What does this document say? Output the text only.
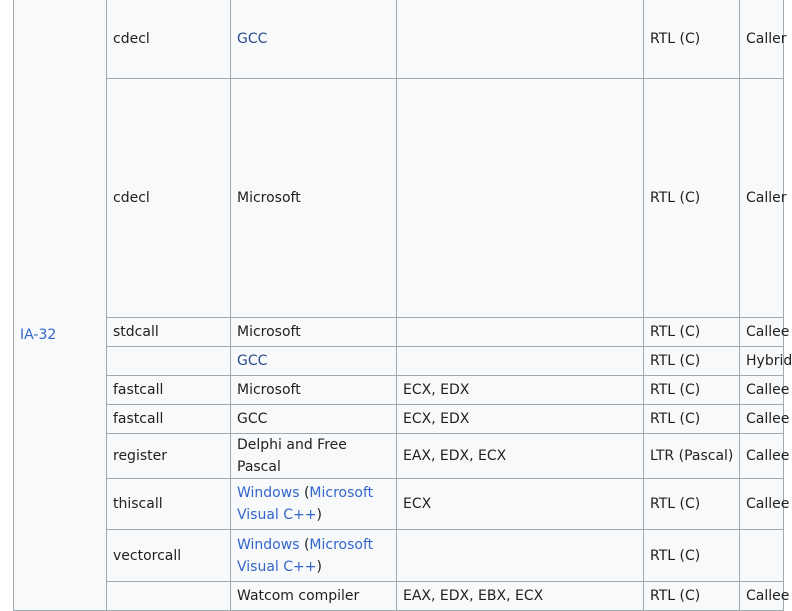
IA-32	cdecl	GCC		RTL (C)	Caller
	cdecl	Microsoft		RTL (C)	Caller
	stdcall	Microsoft		RTL (C)	Callee
		GCC		RTL (C)	Hybrid
	fastcall	Microsoft	ECX, EDX	RTL (C)	Callee
	fastcall	GCC	ECX, EDX	RTL (C)	Callee
	register	Delphi and Free Pascal	EAX, EDX, ECX	LTR (Pascal)	Callee
	thiscall	Windows (Microsoft Visual C++)	ECX	RTL (C)	Callee
	vectorcall	Windows (Microsoft Visual C++)		RTL (C)	
		Watcom compiler	EAX, EDX, EBX, ECX	RTL (C)	Callee
